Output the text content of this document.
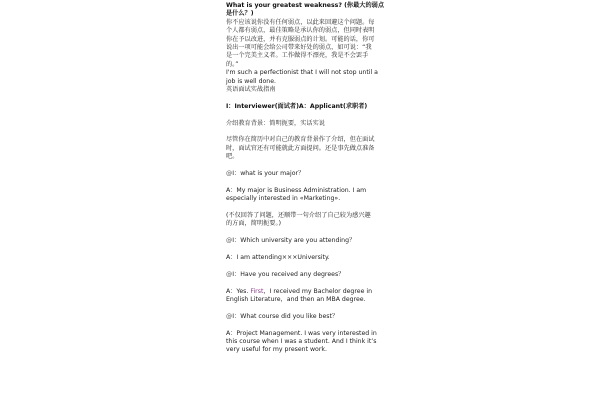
What is your greatest weakness? (你最大的弱点

是什么？)

你不应该说你没有任何弱点，以此来回避这个问题。每

个人都有弱点，最佳策略是承认你的弱点，但同时表明

你在予以改进，并有克服弱点的计划。可能的话，你可

说出一项可能会给公司带来好处的弱点，如可说：“我

是一个完美主义者。工作做得不漂亮，我是不会罢手

的。”

I'm such a perfectionist that I will not stop until a

job is well done.

英语面试实战指南

I：Interviewer(面试者)A：Applicant(求职者)

介绍教育背景：简明扼要，实话实说

尽管你在简历中对自己的教育背景作了介绍，但在面试

时，面试官还有可能就此方面提问。还是事先做点准备

吧。

@I：what is your major？

A：My major is Business Administration. I am

especially interested in «Marketing».

(不仅回答了问题，还顺带一句介绍了自己较为感兴趣

的方面，简明扼要。)

@I：Which university are you attending？

A：I am attending×××University.

@I：Have you received any degrees？

A：Yes. First，I received my Bachelor degree in

English Literature，and then an MBA degree.

@I：What course did you like best？

A：Project Management. I was very interested in

this course when I was a student. And I think it’s

very useful for my present work.
